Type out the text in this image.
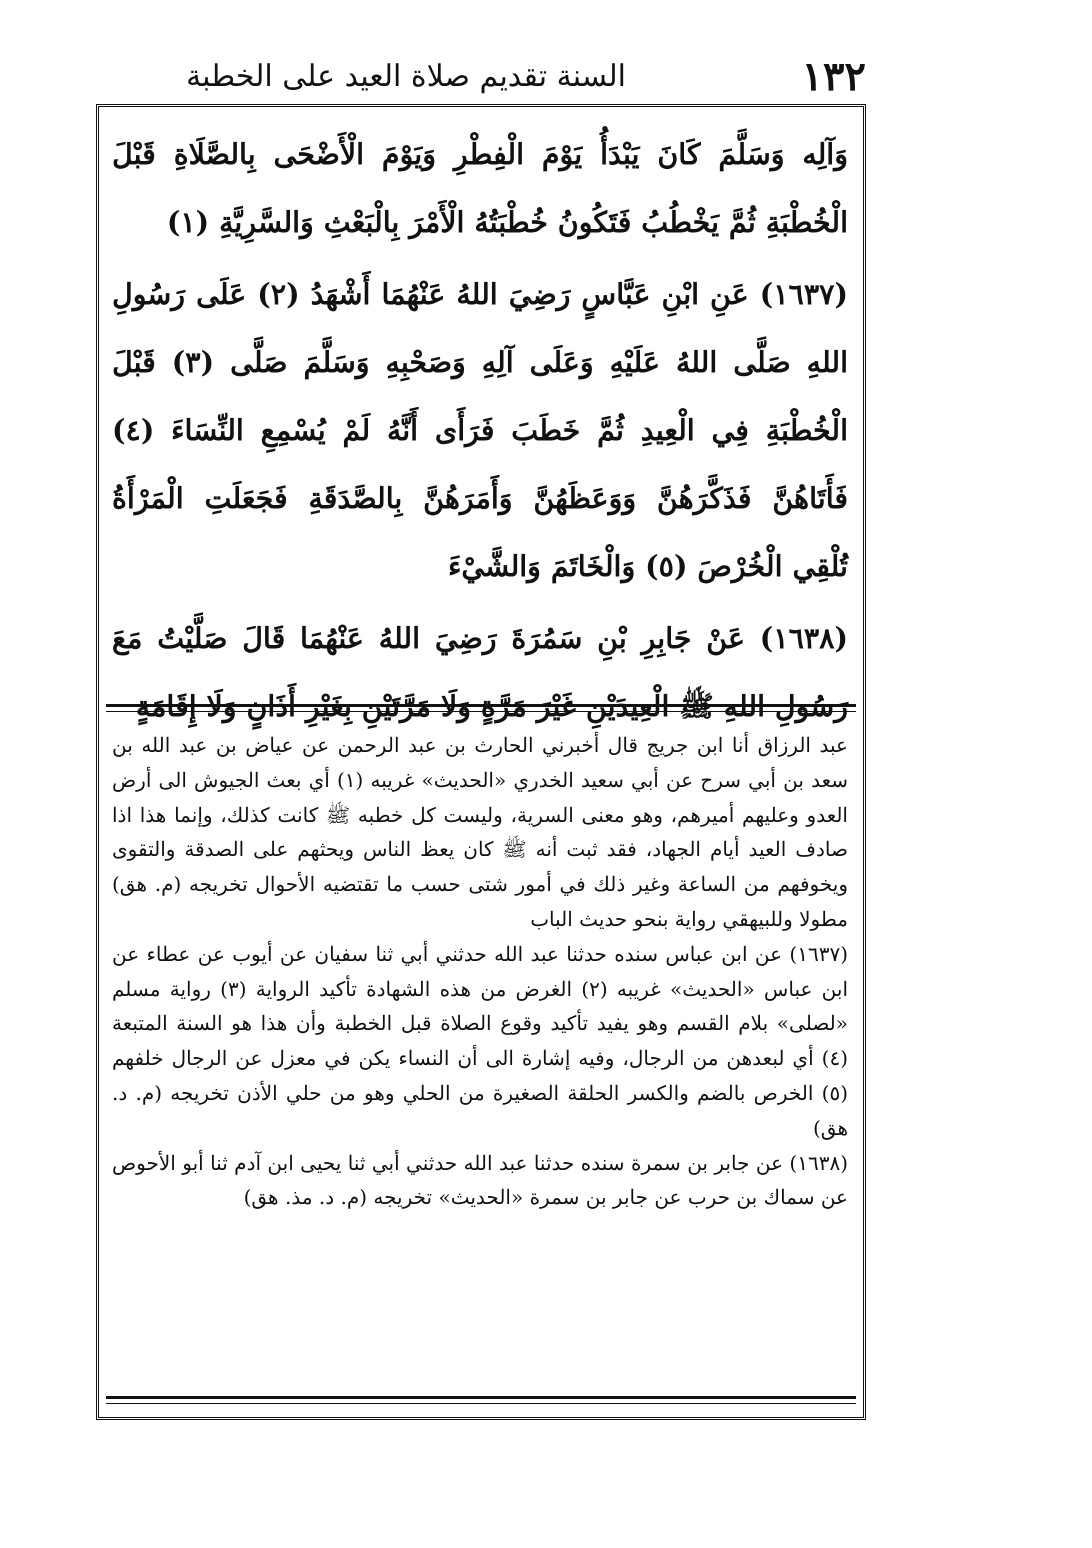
١٣٢
السنة تقديم صلاة العيد على الخطبة

وَآلِه وَسَلَّمَ كَانَ يَبْدَأُ يَوْمَ الْفِطْرِ وَيَوْمَ الْأَضْحَى بِالصَّلَاةِ قَبْلَ الْخُطْبَةِ ثُمَّ يَخْطُبُ فَتَكُونُ خُطْبَتُهُ الْأَمْرَ بِالْبَعْثِ وَالسَّرِيَّةِ (١)

(١٦٣٧) عَنِ ابْنِ عَبَّاسٍ رَضِيَ اللهُ عَنْهُمَا أَشْهَدُ (٢) عَلَى رَسُولِ اللهِ صَلَّى اللهُ عَلَيْهِ وَعَلَى آلِهِ وَصَحْبِهِ وَسَلَّمَ صَلَّى (٣) قَبْلَ الْخُطْبَةِ فِي الْعِيدِ ثُمَّ خَطَبَ فَرَأَى أَنَّهُ لَمْ يُسْمِعِ النِّسَاءَ (٤) فَأَتَاهُنَّ فَذَكَّرَهُنَّ وَوَعَظَهُنَّ وَأَمَرَهُنَّ بِالصَّدَقَةِ فَجَعَلَتِ الْمَرْأَةُ تُلْقِي الْخُرْصَ (٥) وَالْخَاتَمَ وَالشَّيْءَ

(١٦٣٨) عَنْ جَابِرِ بْنِ سَمُرَةَ رَضِيَ اللهُ عَنْهُمَا قَالَ صَلَّيْتُ مَعَ رَسُولِ اللهِ ﷺ الْعِيدَيْنِ غَيْرَ مَرَّةٍ وَلَا مَرَّتَيْنِ بِغَيْرِ أَذَانٍ وَلَا إِقَامَةٍ

عبد الرزاق أنا ابن جريج قال أخبرني الحارث بن عبد الرحمن عن عياض بن عبد الله بن سعد بن أبي سرح عن أبي سعيد الخدري «الحديث» غريبه (١) أي بعث الجيوش الى أرض العدو وعليهم أميرهم، وهو معنى السرية، وليست كل خطبه ﷺ كانت كذلك، وإنما هذا اذا صادف العيد أيام الجهاد، فقد ثبت أنه ﷺ كان يعظ الناس ويحثهم على الصدقة والتقوى ويخوفهم من الساعة وغير ذلك في أمور شتى حسب ما تقتضيه الأحوال تخريجه (م. هق) مطولا وللبيهقي رواية بنحو حديث الباب

(١٦٣٧) عن ابن عباس سنده حدثنا عبد الله حدثني أبي ثنا سفيان عن أيوب عن عطاء عن ابن عباس «الحديث» غريبه (٢) الغرض من هذه الشهادة تأكيد الرواية (٣) رواية مسلم «لصلى» بلام القسم وهو يفيد تأكيد وقوع الصلاة قبل الخطبة وأن هذا هو السنة المتبعة (٤) أي لبعدهن من الرجال، وفيه إشارة الى أن النساء يكن في معزل عن الرجال خلفهم (٥) الخرص بالضم والكسر الحلقة الصغيرة من الحلي وهو من حلي الأذن تخريجه (م. د. هق)

(١٦٣٨) عن جابر بن سمرة سنده حدثنا عبد الله حدثني أبي ثنا يحيى ابن آدم ثنا أبو الأحوص عن سماك بن حرب عن جابر بن سمرة «الحديث» تخريجه (م. د. مذ. هق)
